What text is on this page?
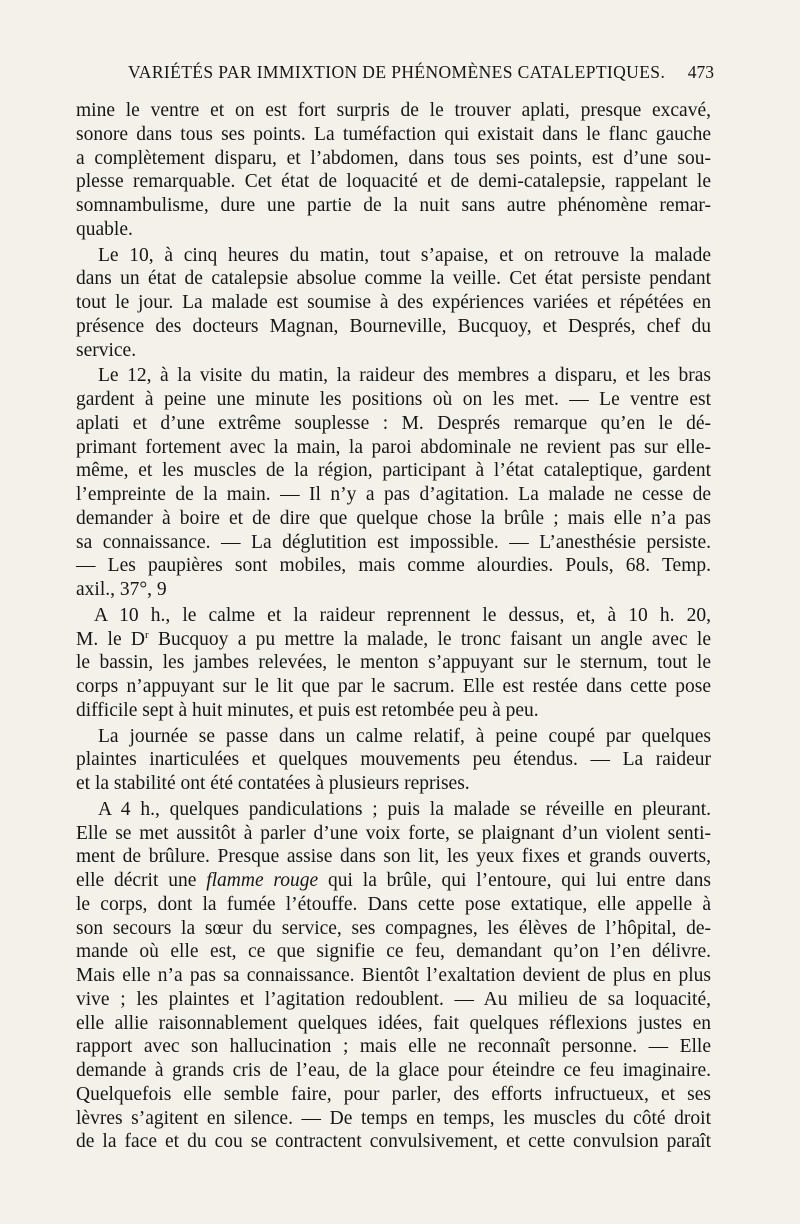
VARIÉTÉS PAR IMMIXTION DE PHÉNOMÈNES CATALEPTIQUES. 473
mine le ventre et on est fort surpris de le trouver aplati, presque excavé,
sonore dans tous ses points. La tuméfaction qui existait dans le flanc gauche
a complètement disparu, et l’abdomen, dans tous ses points, est d’une sou-
plesse remarquable. Cet état de loquacité et de demi-catalepsie, rappelant le
somnambulisme, dure une partie de la nuit sans autre phénomène remar-
quable.
Le 10, à cinq heures du matin, tout s’apaise, et on retrouve la malade
dans un état de catalepsie absolue comme la veille. Cet état persiste pendant
tout le jour. La malade est soumise à des expériences variées et répétées en
présence des docteurs Magnan, Bourneville, Bucquoy, et Després, chef du
service.
Le 12, à la visite du matin, la raideur des membres a disparu, et les bras
gardent à peine une minute les positions où on les met. — Le ventre est
aplati et d’une extrême souplesse : M. Després remarque qu’en le dé-
primant fortement avec la main, la paroi abdominale ne revient pas sur elle-
même, et les muscles de la région, participant à l’état cataleptique, gardent
l’empreinte de la main. — Il n’y a pas d’agitation. La malade ne cesse de
demander à boire et de dire que quelque chose la brûle ; mais elle n’a pas
sa connaissance. — La déglutition est impossible. — L’anesthésie persiste.
— Les paupières sont mobiles, mais comme alourdies. Pouls, 68. Temp.
axil., 37°, 9
A 10 h., le calme et la raideur reprennent le dessus, et, à 10 h. 20,
M. le $D^r$ Bucquoy a pu mettre la malade, le tronc faisant un angle avec le
le bassin, les jambes relevées, le menton s’appuyant sur le sternum, tout le
corps n’appuyant sur le lit que par le sacrum. Elle est restée dans cette pose
difficile sept à huit minutes, et puis est retombée peu à peu.
La journée se passe dans un calme relatif, à peine coupé par quelques
plaintes inarticulées et quelques mouvements peu étendus. — La raideur
et la stabilité ont été contatées à plusieurs reprises.
A 4 h., quelques pandiculations ; puis la malade se réveille en pleurant.
Elle se met aussitôt à parler d’une voix forte, se plaignant d’un violent senti-
ment de brûlure. Presque assise dans son lit, les yeux fixes et grands ouverts,
elle décrit une flamme rouge qui la brûle, qui l’entoure, qui lui entre dans
le corps, dont la fumée l’étouffe. Dans cette pose extatique, elle appelle à
son secours la sœur du service, ses compagnes, les élèves de l’hôpital, de-
mande où elle est, ce que signifie ce feu, demandant qu’on l’en délivre.
Mais elle n’a pas sa connaissance. Bientôt l’exaltation devient de plus en plus
vive ; les plaintes et l’agitation redoublent. — Au milieu de sa loquacité,
elle allie raisonnablement quelques idées, fait quelques réflexions justes en
rapport avec son hallucination ; mais elle ne reconnaît personne. — Elle
demande à grands cris de l’eau, de la glace pour éteindre ce feu imaginaire.
Quelquefois elle semble faire, pour parler, des efforts infructueux, et ses
lèvres s’agitent en silence. — De temps en temps, les muscles du côté droit
de la face et du cou se contractent convulsivement, et cette convulsion paraît
